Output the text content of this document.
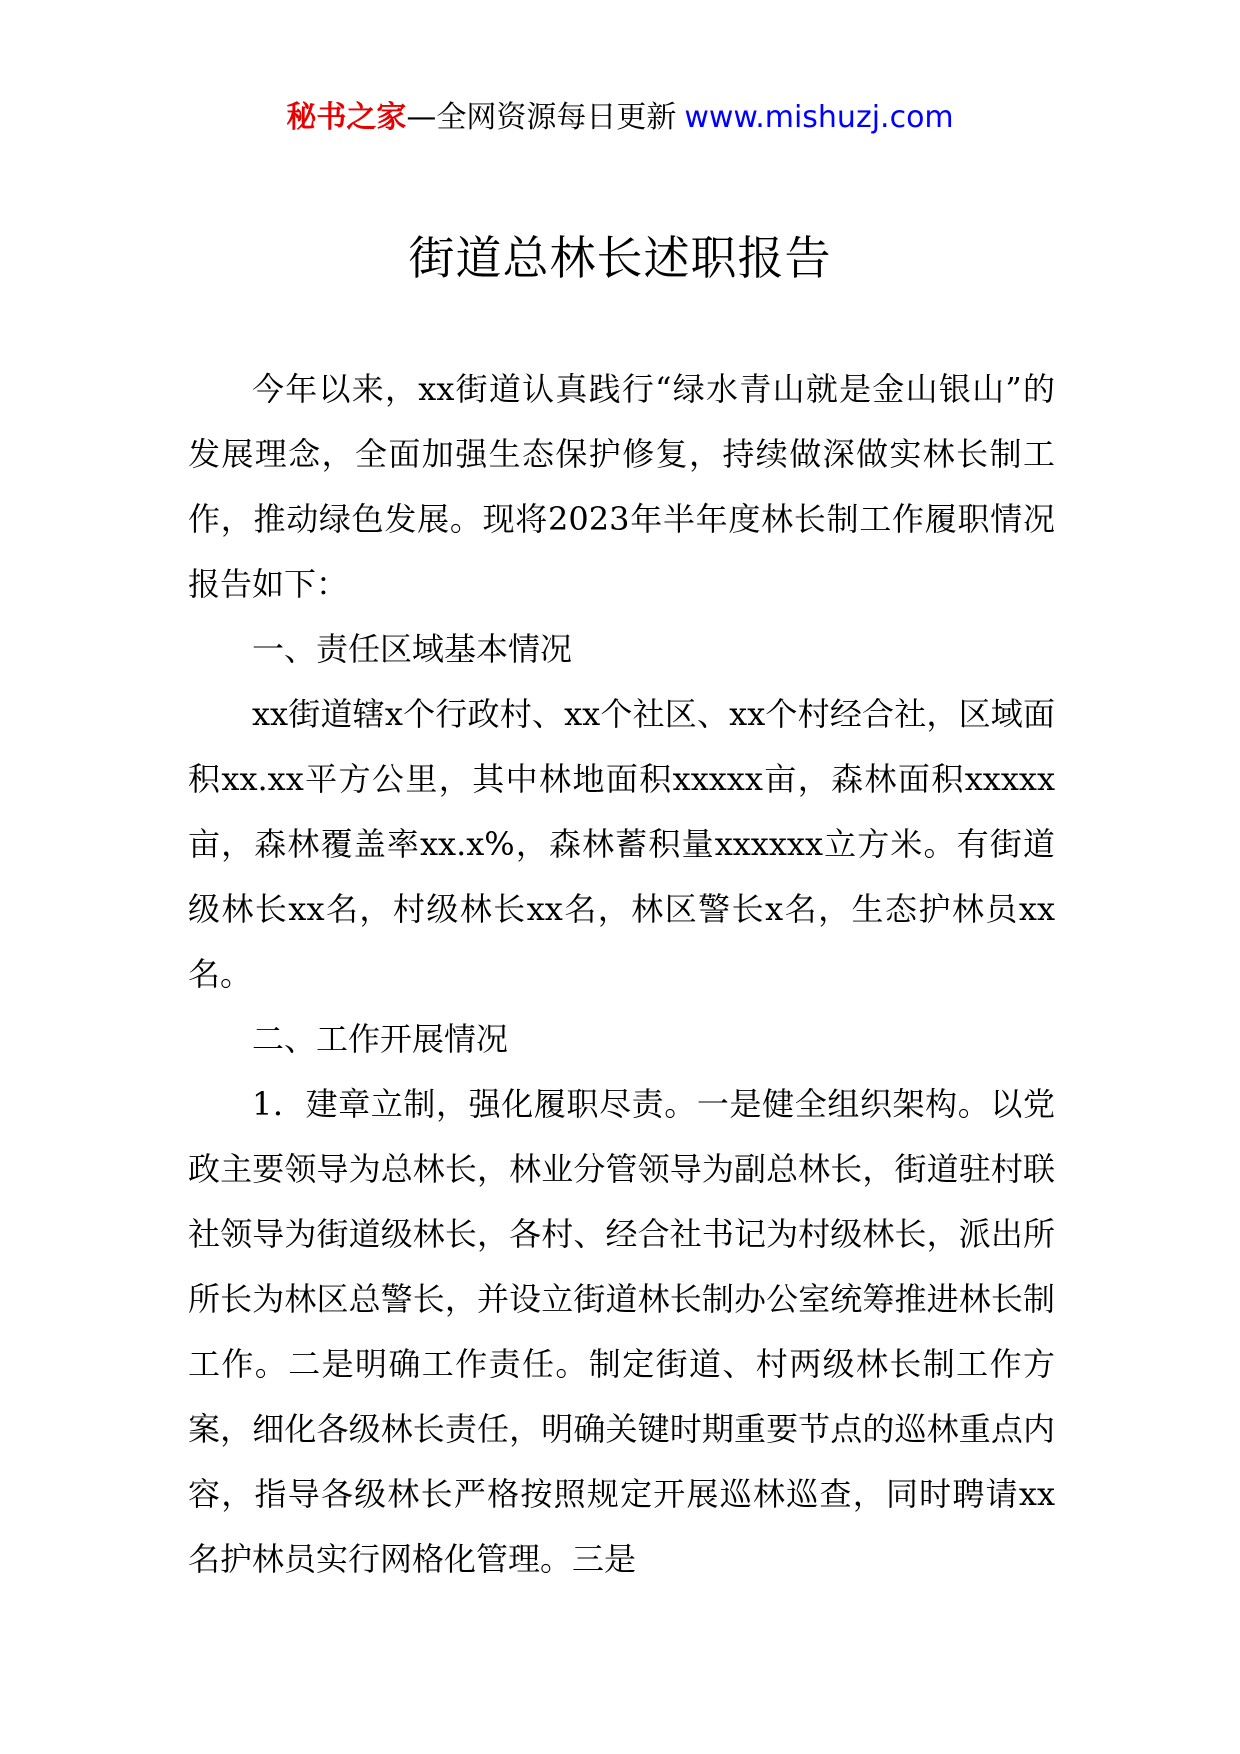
秘书之家—全网资源每日更新 www.mishuzj.com
街道总林长述职报告

今年以来，xx街道认真践行“绿水青山就是金山银山”的发展理念，全面加强生态保护修复，持续做深做实林长制工作，推动绿色发展。现将2023年半年度林长制工作履职情况报告如下：

一、责任区域基本情况

xx街道辖x个行政村、xx个社区、xx个村经合社，区域面积xx.xx平方公里，其中林地面积xxxxx亩，森林面积xxxxx亩，森林覆盖率xx.x%，森林蓄积量xxxxxx立方米。有街道级林长xx名，村级林长xx名，林区警长x名，生态护林员xx名。

二、工作开展情况

1．建章立制，强化履职尽责。一是健全组织架构。以党政主要领导为总林长，林业分管领导为副总林长，街道驻村联社领导为街道级林长，各村、经合社书记为村级林长，派出所所长为林区总警长，并设立街道林长制办公室统筹推进林长制工作。二是明确工作责任。制定街道、村两级林长制工作方案，细化各级林长责任，明确关键时期重要节点的巡林重点内容，指导各级林长严格按照规定开展巡林巡查，同时聘请xx名护林员实行网格化管理。三是
